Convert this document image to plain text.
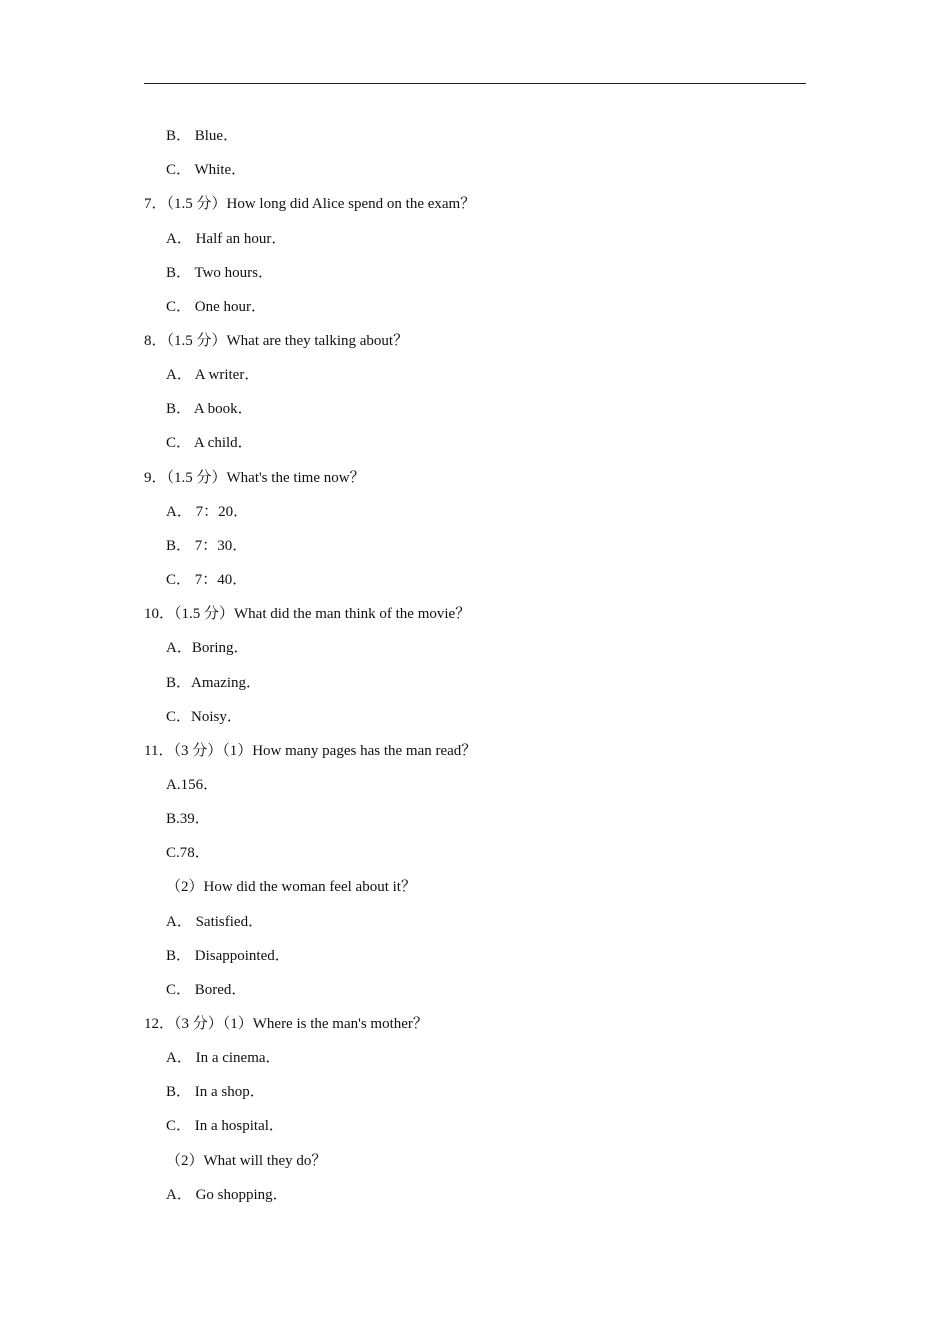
B． Blue．
C． White．
7．（1.5 分）How long did Alice spend on the exam？
A． Half an hour．
B． Two hours．
C． One hour．
8．（1.5 分）What are they talking about？
A． A writer．
B． A book．
C． A child．
9．（1.5 分）What's the time now？
A． 7：20．
B． 7：30．
C． 7：40．
10．（1.5 分）What did the man think of the movie？
A．Boring．
B．Amazing．
C．Noisy．
11．（3 分）（1）How many pages has the man read？
A.156．
B.39．
C.78．
（2）How did the woman feel about it？
A． Satisfied．
B． Disappointed．
C． Bored．
12．（3 分）（1）Where is the man's mother？
A． In a cinema．
B． In a shop．
C． In a hospital．
（2）What will they do？
A． Go shopping．
